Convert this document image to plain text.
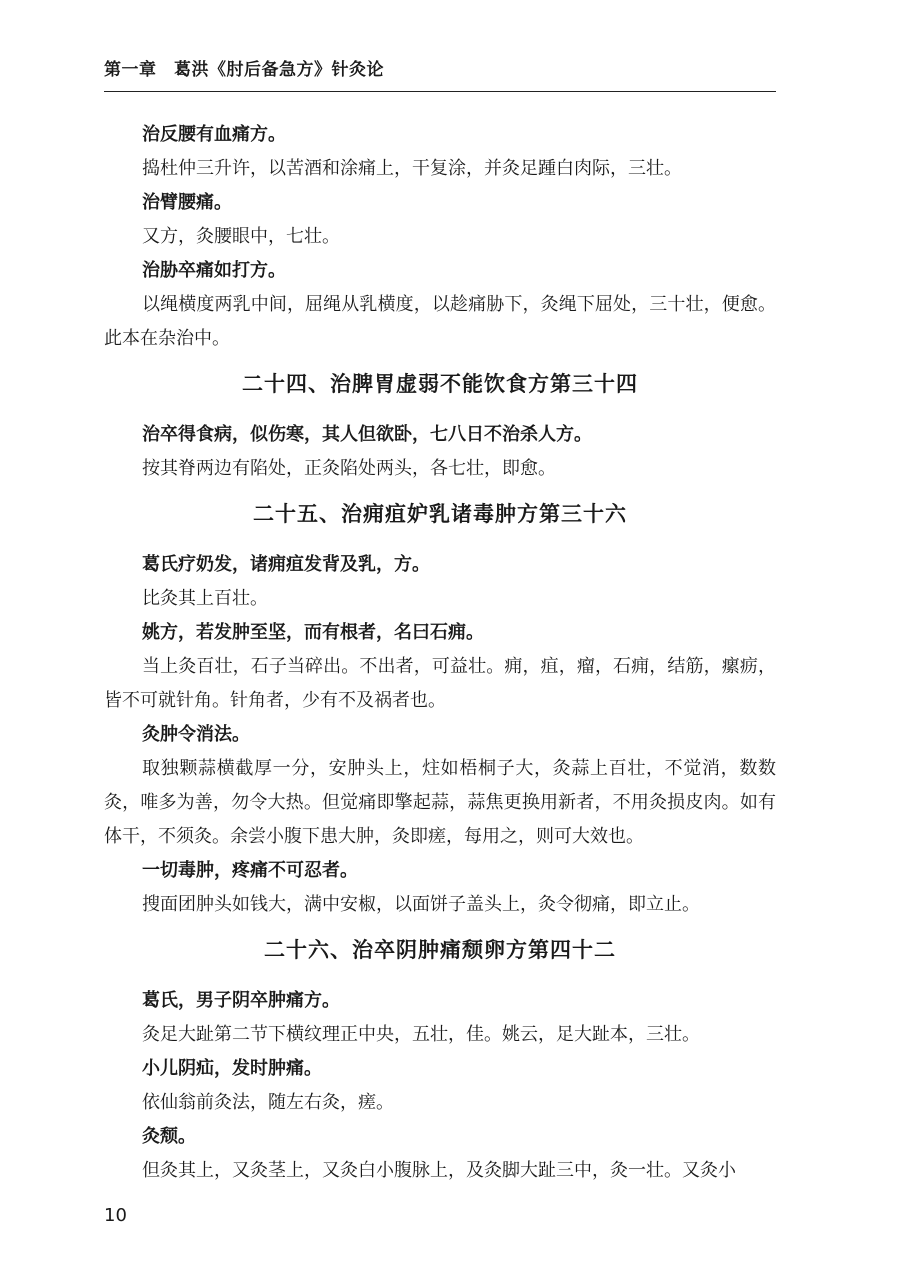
第一章　葛洪《肘后备急方》针灸论
治反腰有血痛方。
捣杜仲三升许，以苦酒和涂痛上，干复涂，并灸足踵白肉际，三壮。
治臂腰痛。
又方，灸腰眼中，七壮。
治胁卒痛如打方。
以绳横度两乳中间，屈绳从乳横度，以趁痛胁下，灸绳下屈处，三十壮，便愈。此本在杂治中。
二十四、治脾胃虚弱不能饮食方第三十四
治卒得食病，似伤寒，其人但欲卧，七八日不治杀人方。
按其脊两边有陷处，正灸陷处两头，各七壮，即愈。
二十五、治痈疽妒乳诸毒肿方第三十六
葛氏疗奶发，诸痈疽发背及乳，方。
比灸其上百壮。
姚方，若发肿至坚，而有根者，名曰石痈。
当上灸百壮，石子当碎出。不出者，可益壮。痈，疽，瘤，石痈，结筋，瘰疬，皆不可就针角。针角者，少有不及祸者也。
灸肿令消法。
取独颗蒜横截厚一分，安肿头上，炷如梧桐子大，灸蒜上百壮，不觉消，数数灸，唯多为善，勿令大热。但觉痛即擎起蒜，蒜焦更换用新者，不用灸损皮肉。如有体干，不须灸。余尝小腹下患大肿，灸即瘥，每用之，则可大效也。
一切毒肿，疼痛不可忍者。
搜面团肿头如钱大，满中安椒，以面饼子盖头上，灸令彻痛，即立止。
二十六、治卒阴肿痛颓卵方第四十二
葛氏，男子阴卒肿痛方。
灸足大趾第二节下横纹理正中央，五壮，佳。姚云，足大趾本，三壮。
小儿阴疝，发时肿痛。
依仙翁前灸法，随左右灸，瘥。
灸颓。
但灸其上，又灸茎上，又灸白小腹脉上，及灸脚大趾三中，灸一壮。又灸小
10
